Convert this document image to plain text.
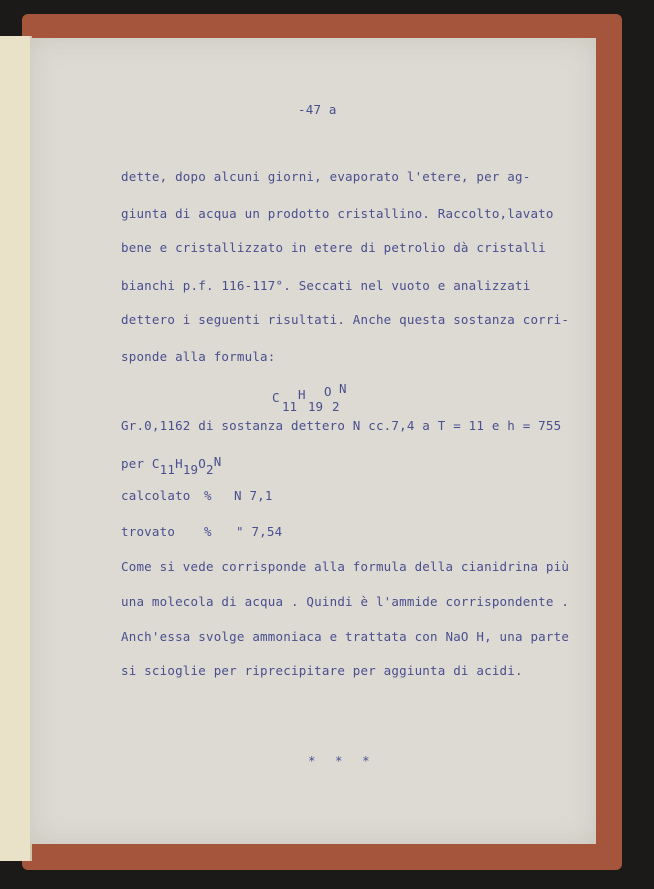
-47 a
dette, dopo alcuni giorni, evaporato l'etere, per ag-
giunta di acqua un prodotto cristallino. Raccolto,lavato
bene e cristallizzato in etere di petrolio dà cristalli
bianchi p.f. 116-117°. Seccati nel vuoto e analizzati
dettero i seguenti risultati. Anche questa sostanza corri-
sponde alla formula:
C
11
H
19
O
2
N
Gr.0,1162 di sostanza dettero N cc.7,4 a T = 11 e h = 755
per C11H19O2N
calcolato % N 7,1
trovato % " 7,54
Come si vede corrisponde alla formula della cianidrina più
una molecola di acqua . Quindi è l'ammide corrispondente .
Anch'essa svolge ammoniaca e trattata con NaO H, una parte
si scioglie per riprecipitare per aggiunta di acidi.
* * *
